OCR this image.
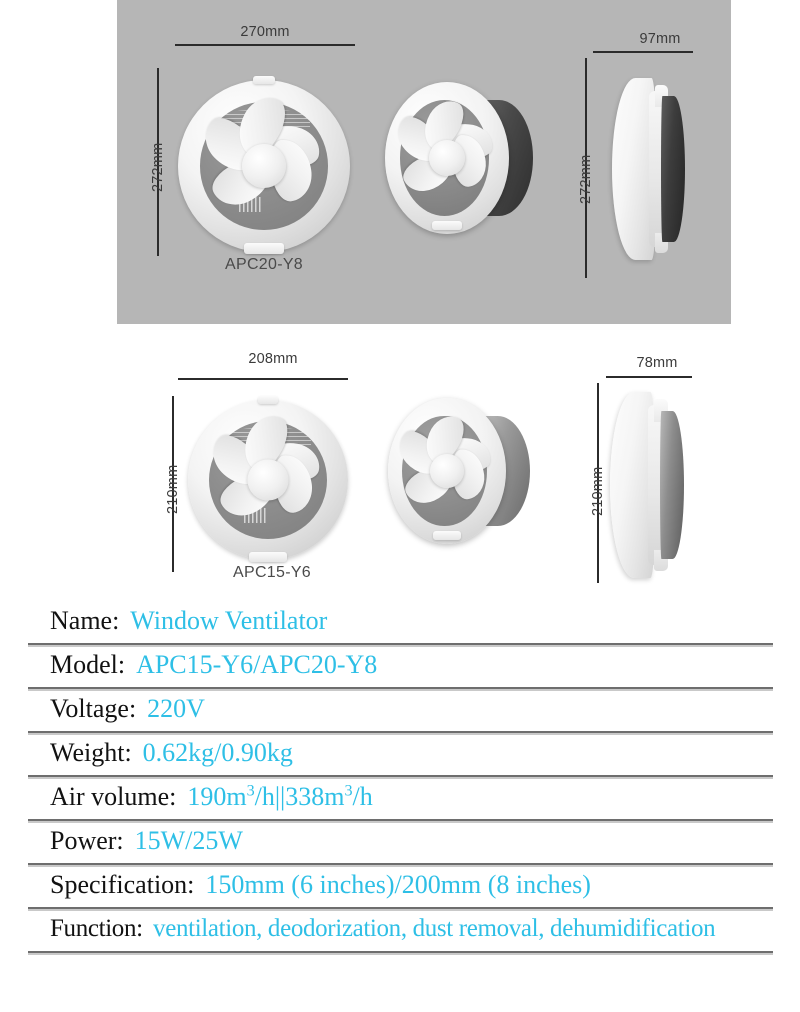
270mm
272mm
97mm
272mm
APC20-Y8
208mm
210mm
78mm
210mm
APC15-Y6
Name:  Window Ventilator
Model:  APC15-Y6/APC20-Y8
Voltage:  220V
Weight:  0.62kg/0.90kg
Air volume:  $190m^3/h||338m^3/h$
Power:  15W/25W
Specification:  150mm (6 inches)/200mm (8 inches)
Function:  ventilation, deodorization, dust removal, dehumidification
